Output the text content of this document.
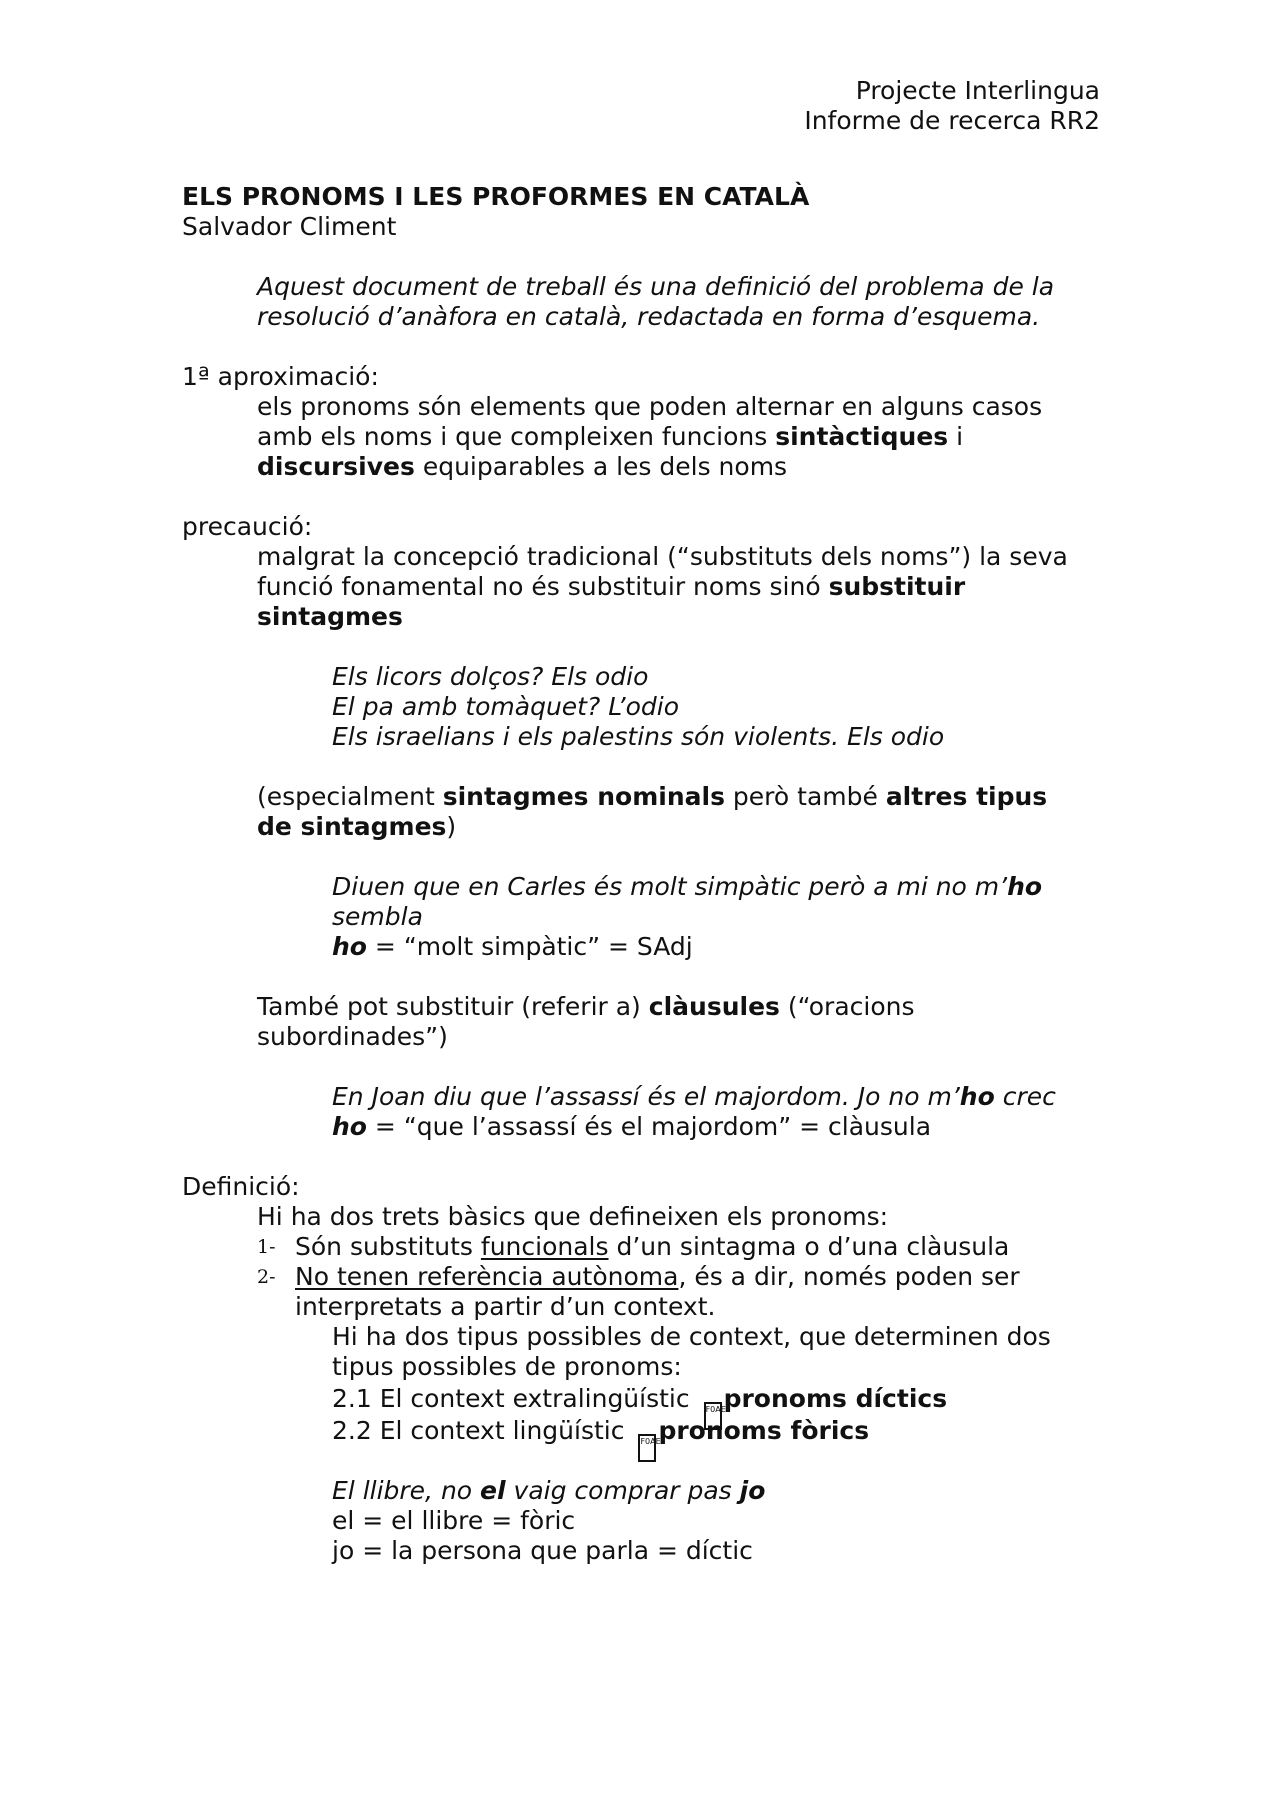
Projecte Interlingua
Informe de recerca RR2
ELS PRONOMS I LES PROFORMES EN CATALÀ
Salvador Climent
Aquest document de treball és una definició del problema de la
resolució d’anàfora en català, redactada en forma d’esquema.
1ª aproximació:
els pronoms són elements que poden alternar en alguns casos
amb els noms i que compleixen funcions sintàctiques i
discursives equiparables a les dels noms
precaució:
malgrat la concepció tradicional (“substituts dels noms”) la seva
funció fonamental no és substituir noms sinó substituir
sintagmes
Els licors dolços? Els odio
El pa amb tomàquet? L’odio
Els israelians i els palestins són violents. Els odio
(especialment sintagmes nominals però també altres tipus
de sintagmes)
Diuen que en Carles és molt simpàtic però a mi no m’ho
sembla
ho = “molt simpàtic” = SAdj
També pot substituir (referir a) clàusules (“oracions
subordinades”)
En Joan diu que l’assassí és el majordom. Jo no m’ho crec
ho = “que l’assassí és el majordom” = clàusula
Definició:
Hi ha dos trets bàsics que defineixen els pronoms:
1- Són substituts funcionals d’un sintagma o d’una clàusula
2- No tenen referència autònoma, és a dir, només poden ser
interpretats a partir d’un context.
Hi ha dos tipus possibles de context, que determinen dos
tipus possibles de pronoms:
2.1 El context extralingüístic F0AEpronoms díctics
2.2 El context lingüístic F0AEpronoms fòrics
El llibre, no el vaig comprar pas jo
el = el llibre = fòric
jo = la persona que parla = díctic
